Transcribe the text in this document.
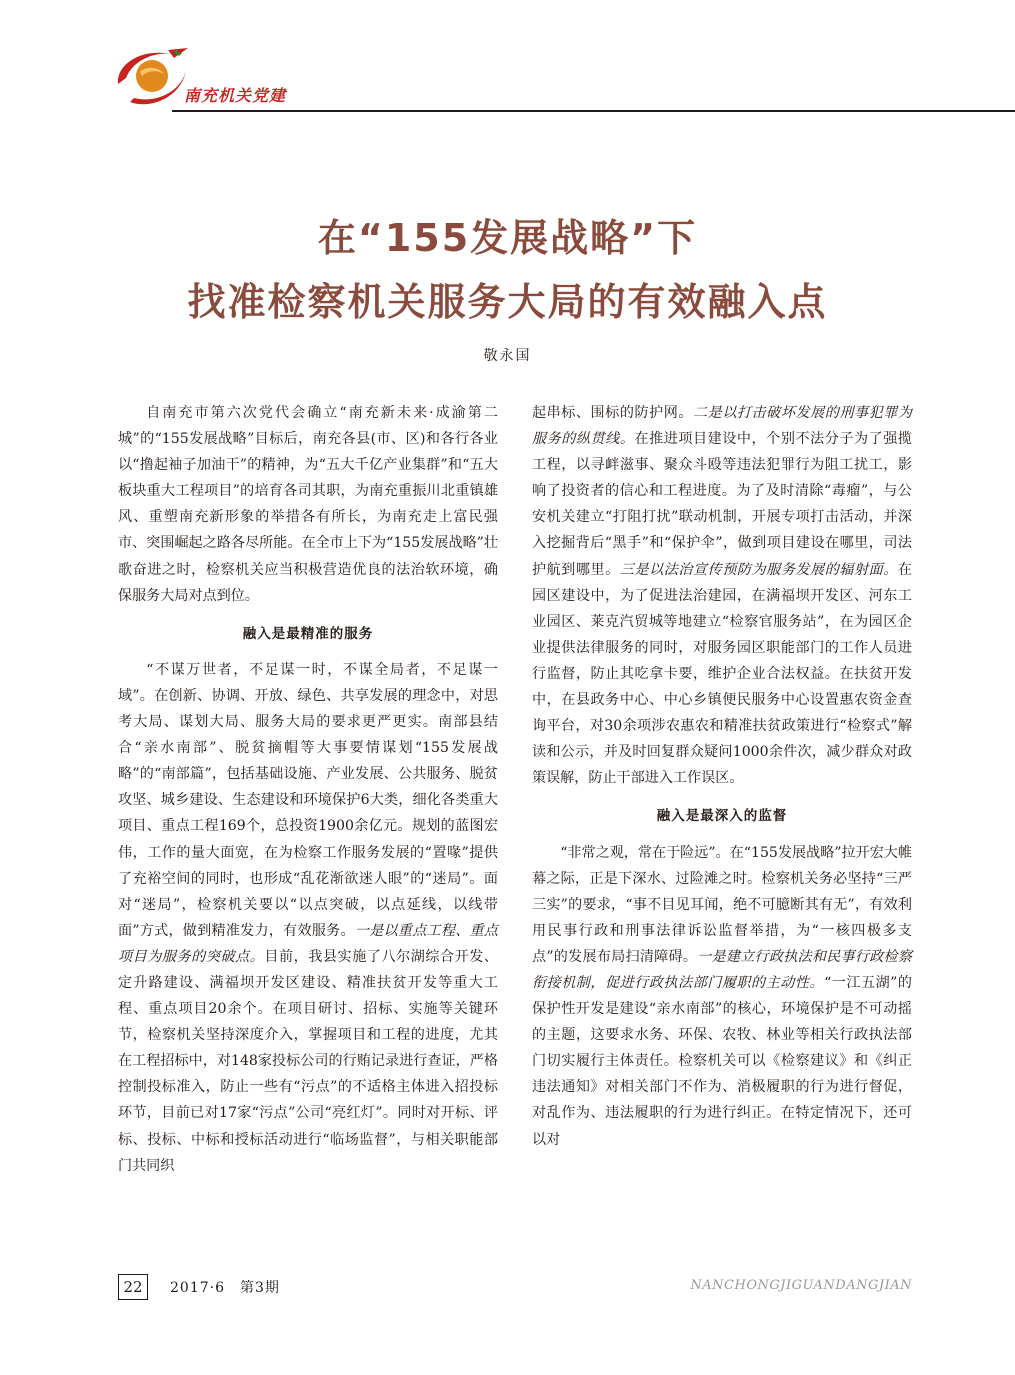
南充机关党建
在“155发展战略”下
找准检察机关服务大局的有效融入点
敬永国

自南充市第六次党代会确立“南充新未来·成渝第二城”的“155发展战略”目标后，南充各县(市、区)和各行各业以“撸起袖子加油干”的精神，为“五大千亿产业集群”和“五大板块重大工程项目”的培育各司其职，为南充重振川北重镇雄风、重塑南充新形象的举措各有所长，为南充走上富民强市、突围崛起之路各尽所能。在全市上下为“155发展战略”壮歌奋进之时，检察机关应当积极营造优良的法治软环境，确保服务大局对点到位。

融入是最精准的服务

“不谋万世者，不足谋一时，不谋全局者，不足谋一域”。在创新、协调、开放、绿色、共享发展的理念中，对思考大局、谋划大局、服务大局的要求更严更实。南部县结合“亲水南部”、脱贫摘帽等大事要情谋划“155发展战略”的“南部篇”，包括基础设施、产业发展、公共服务、脱贫攻坚、城乡建设、生态建设和环境保护6大类，细化各类重大项目、重点工程169个，总投资1900余亿元。规划的蓝图宏伟，工作的量大面宽，在为检察工作服务发展的“置喙”提供了充裕空间的同时，也形成“乱花渐欲迷人眼”的“迷局”。面对“迷局”，检察机关要以“以点突破，以点延线，以线带面”方式，做到精准发力，有效服务。一是以重点工程、重点项目为服务的突破点。目前，我县实施了八尔湖综合开发、定升路建设、满福坝开发区建设、精准扶贫开发等重大工程、重点项目20余个。在项目研讨、招标、实施等关键环节，检察机关坚持深度介入，掌握项目和工程的进度，尤其在工程招标中，对148家投标公司的行贿记录进行查证，严格控制投标准入，防止一些有“污点”的不适格主体进入招投标环节，目前已对17家“污点”公司“亮红灯”。同时对开标、评标、投标、中标和授标活动进行“临场监督”，与相关职能部门共同织

起串标、围标的防护网。二是以打击破坏发展的刑事犯罪为服务的纵贯线。在推进项目建设中，个别不法分子为了强揽工程，以寻衅滋事、聚众斗殴等违法犯罪行为阻工扰工，影响了投资者的信心和工程进度。为了及时清除“毒瘤”，与公安机关建立“打阻打扰”联动机制，开展专项打击活动，并深入挖掘背后“黑手”和“保护伞”，做到项目建设在哪里，司法护航到哪里。三是以法治宣传预防为服务发展的辐射面。在园区建设中，为了促进法治建园，在满福坝开发区、河东工业园区、莱克汽贸城等地建立“检察官服务站”，在为园区企业提供法律服务的同时，对服务园区职能部门的工作人员进行监督，防止其吃拿卡要，维护企业合法权益。在扶贫开发中，在县政务中心、中心乡镇便民服务中心设置惠农资金查询平台，对30余项涉农惠农和精准扶贫政策进行“检察式”解读和公示，并及时回复群众疑问1000余件次，减少群众对政策误解，防止干部进入工作误区。

融入是最深入的监督

“非常之观，常在于险远”。在“155发展战略”拉开宏大帷幕之际，正是下深水、过险滩之时。检察机关务必坚持“三严三实”的要求，“事不目见耳闻，绝不可臆断其有无”，有效利用民事行政和刑事法律诉讼监督举措，为“一核四极多支点”的发展布局扫清障碍。一是建立行政执法和民事行政检察衔接机制，促进行政执法部门履职的主动性。“一江五湖”的保护性开发是建设“亲水南部”的核心，环境保护是不可动摇的主题，这要求水务、环保、农牧、林业等相关行政执法部门切实履行主体责任。检察机关可以《检察建议》和《纠正违法通知》对相关部门不作为、消极履职的行为进行督促，对乱作为、违法履职的行为进行纠正。在特定情况下，还可以对

22	2017·6　第3期	NANCHONGJIGUANDANGJIAN
